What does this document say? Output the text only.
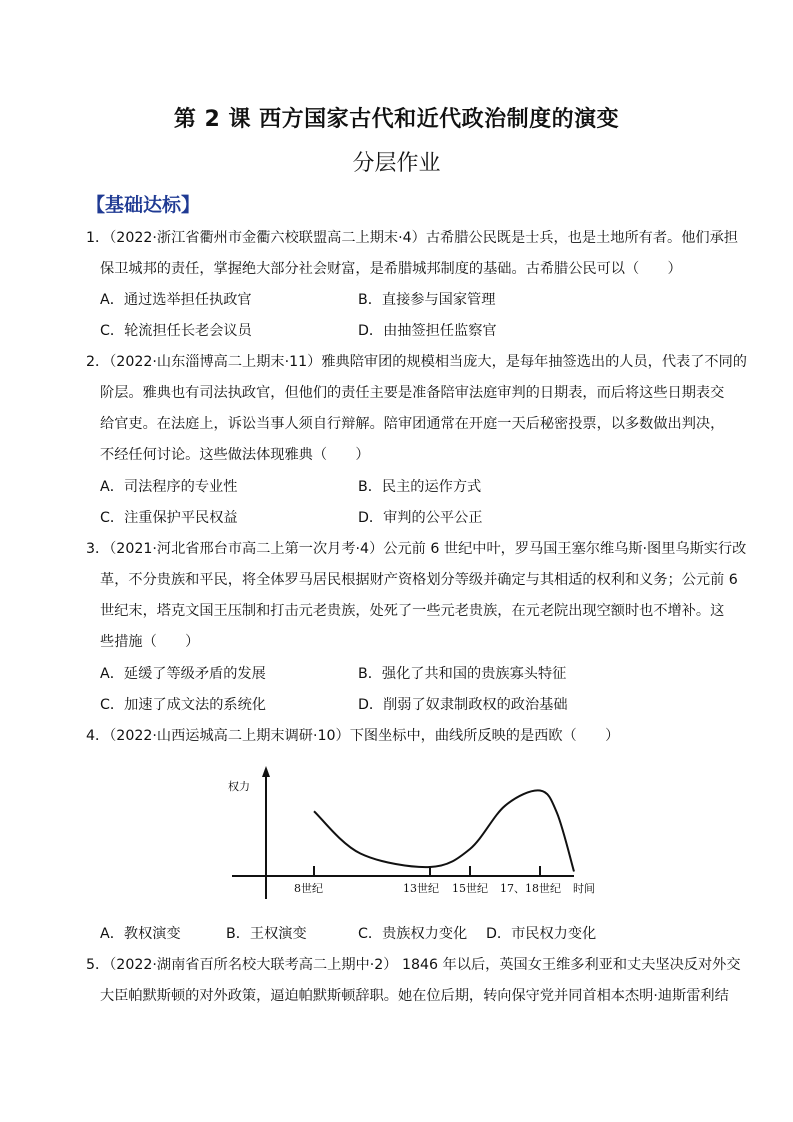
第 2 课 西方国家古代和近代政治制度的演变
分层作业
【基础达标】
1．（2022·浙江省衢州市金衢六校联盟高二上期末·4）古希腊公民既是士兵，也是土地所有者。他们承担
保卫城邦的责任，掌握绝大部分社会财富，是希腊城邦制度的基础。古希腊公民可以（　　）
A．通过选举担任执政官	B．直接参与国家管理
C．轮流担任长老会议员	D．由抽签担任监察官
2．（2022·山东淄博高二上期末·11）雅典陪审团的规模相当庞大，是每年抽签选出的人员，代表了不同的
阶层。雅典也有司法执政官，但他们的责任主要是准备陪审法庭审判的日期表，而后将这些日期表交
给官吏。在法庭上，诉讼当事人须自行辩解。陪审团通常在开庭一天后秘密投票，以多数做出判决，
不经任何讨论。这些做法体现雅典（　　）
A．司法程序的专业性	B．民主的运作方式
C．注重保护平民权益	D．审判的公平公正
3．（2021·河北省邢台市高二上第一次月考·4）公元前 6 世纪中叶，罗马国王塞尔维乌斯·图里乌斯实行改
革，不分贵族和平民，将全体罗马居民根据财产资格划分等级并确定与其相适的权利和义务；公元前 6
世纪末，塔克文国王压制和打击元老贵族，处死了一些元老贵族，在元老院出现空额时也不增补。这
些措施（　　）
A．延缓了等级矛盾的发展	B．强化了共和国的贵族寡头特征
C．加速了成文法的系统化	D．削弱了奴隶制政权的政治基础
4．（2022·山西运城高二上期末调研·10）下图坐标中，曲线所反映的是西欧（　　）
权力
时间
8世纪	13世纪 15世纪 17、18世纪
A．教权演变	B．王权演变	C．贵族权力变化 D．市民权力变化
5．（2022·湖南省百所名校大联考高二上期中·2） 1846 年以后，英国女王维多利亚和丈夫坚决反对外交
大臣帕默斯顿的对外政策，逼迫帕默斯顿辞职。她在位后期，转向保守党并同首相本杰明·迪斯雷利结
